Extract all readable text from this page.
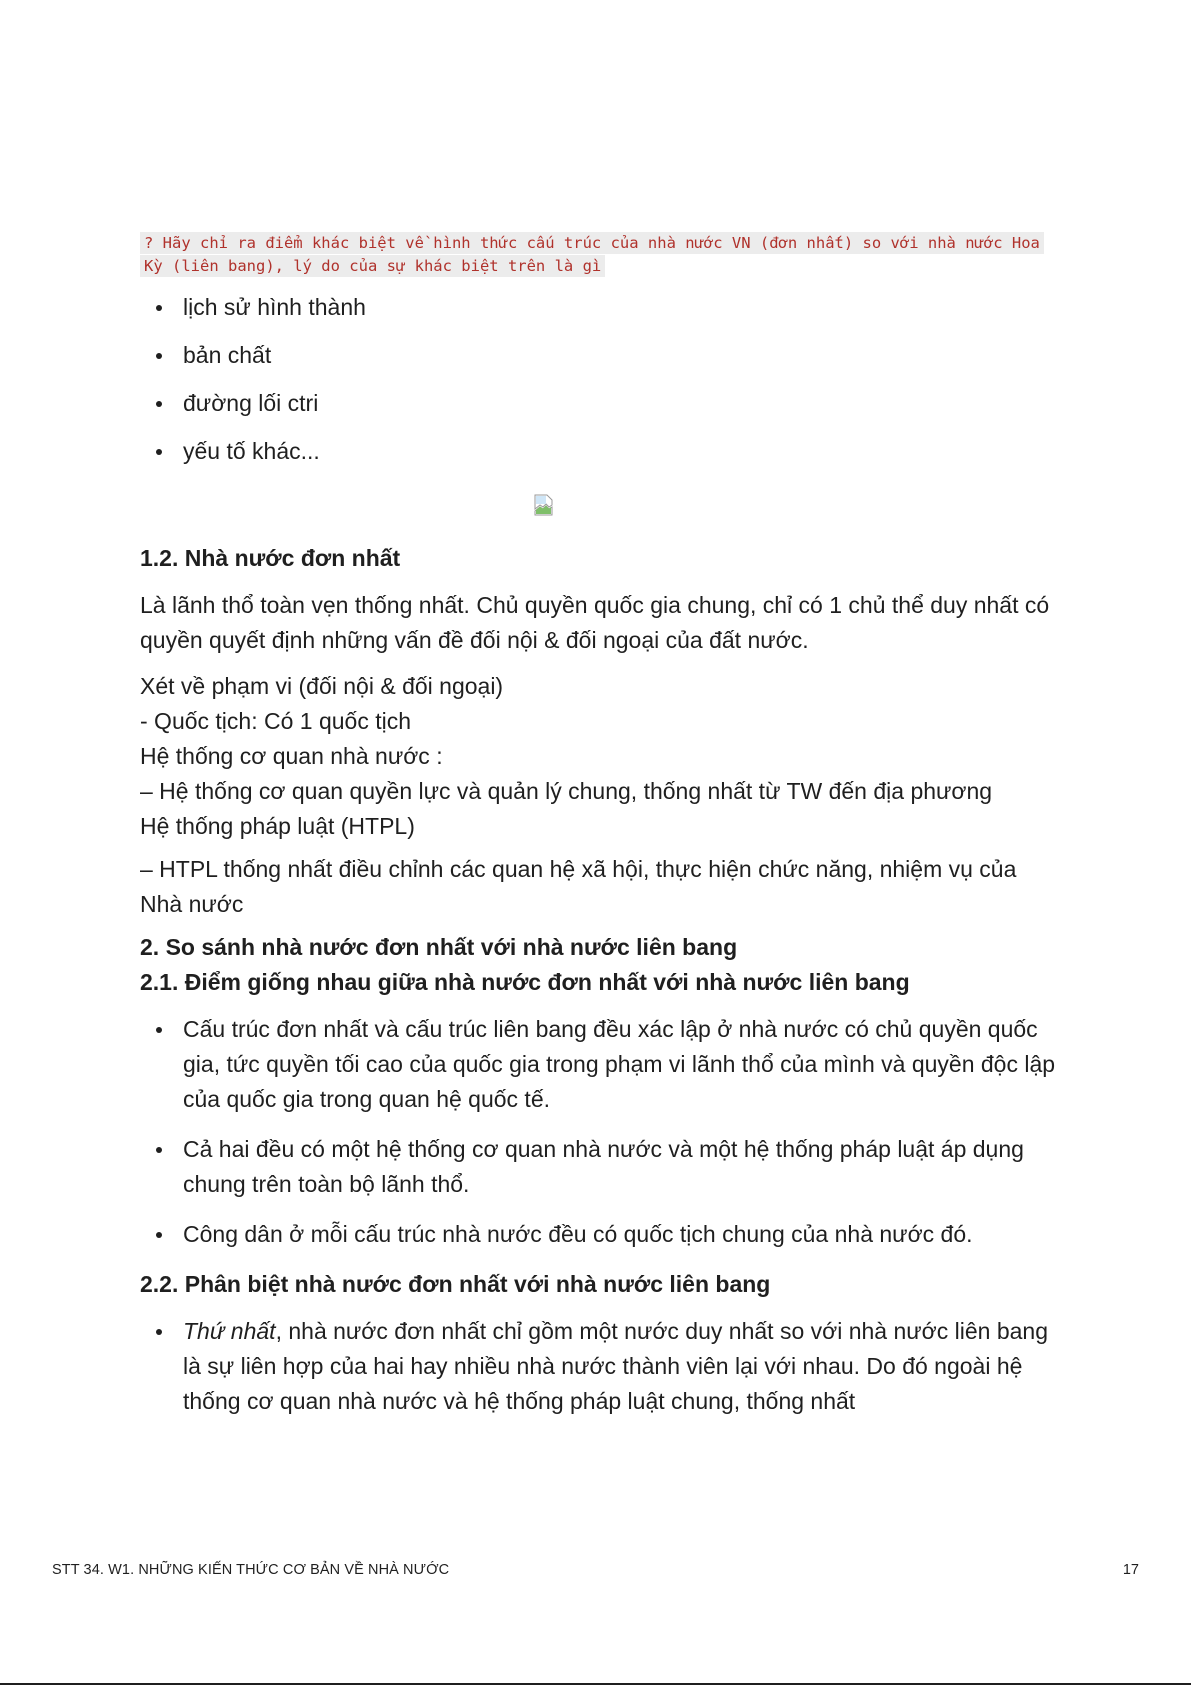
? Hãy chỉ ra điểm khác biệt về hình thức cấu trúc của nhà nước VN (đơn nhất) so với nhà nước Hoa Kỳ (liên bang), lý do của sự khác biệt trên là gì
lịch sử hình thành
bản chất
đường lối ctri
yếu tố khác...
1.2. Nhà nước đơn nhất

Là lãnh thổ toàn vẹn thống nhất. Chủ quyền quốc gia chung, chỉ có 1 chủ thể duy nhất có quyền quyết định những vấn đề đối nội & đối ngoại của đất nước.

Xét về phạm vi (đối nội & đối ngoại)
- Quốc tịch: Có 1 quốc tịch
Hệ thống cơ quan nhà nước :
– Hệ thống cơ quan quyền lực và quản lý chung, thống nhất từ TW đến địa phương
Hệ thống pháp luật (HTPL)

– HTPL thống nhất điều chỉnh các quan hệ xã hội, thực hiện chức năng, nhiệm vụ của Nhà nước

2. So sánh nhà nước đơn nhất với nhà nước liên bang
2.1. Điểm giống nhau giữa nhà nước đơn nhất với nhà nước liên bang
Cấu trúc đơn nhất và cấu trúc liên bang đều xác lập ở nhà nước có chủ quyền quốc gia, tức quyền tối cao của quốc gia trong phạm vi lãnh thổ của mình và quyền độc lập của quốc gia trong quan hệ quốc tế.
Cả hai đều có một hệ thống cơ quan nhà nước và một hệ thống pháp luật áp dụng chung trên toàn bộ lãnh thổ.
Công dân ở mỗi cấu trúc nhà nước đều có quốc tịch chung của nhà nước đó.
2.2. Phân biệt nhà nước đơn nhất với nhà nước liên bang
Thứ nhất, nhà nước đơn nhất chỉ gồm một nước duy nhất so với nhà nước liên bang là sự liên hợp của hai hay nhiều nhà nước thành viên lại với nhau. Do đó ngoài hệ thống cơ quan nhà nước và hệ thống pháp luật chung, thống nhất
STT 34. W1. NHỮNG KIẾN THỨC CƠ BẢN VỀ NHÀ NƯỚC	17
